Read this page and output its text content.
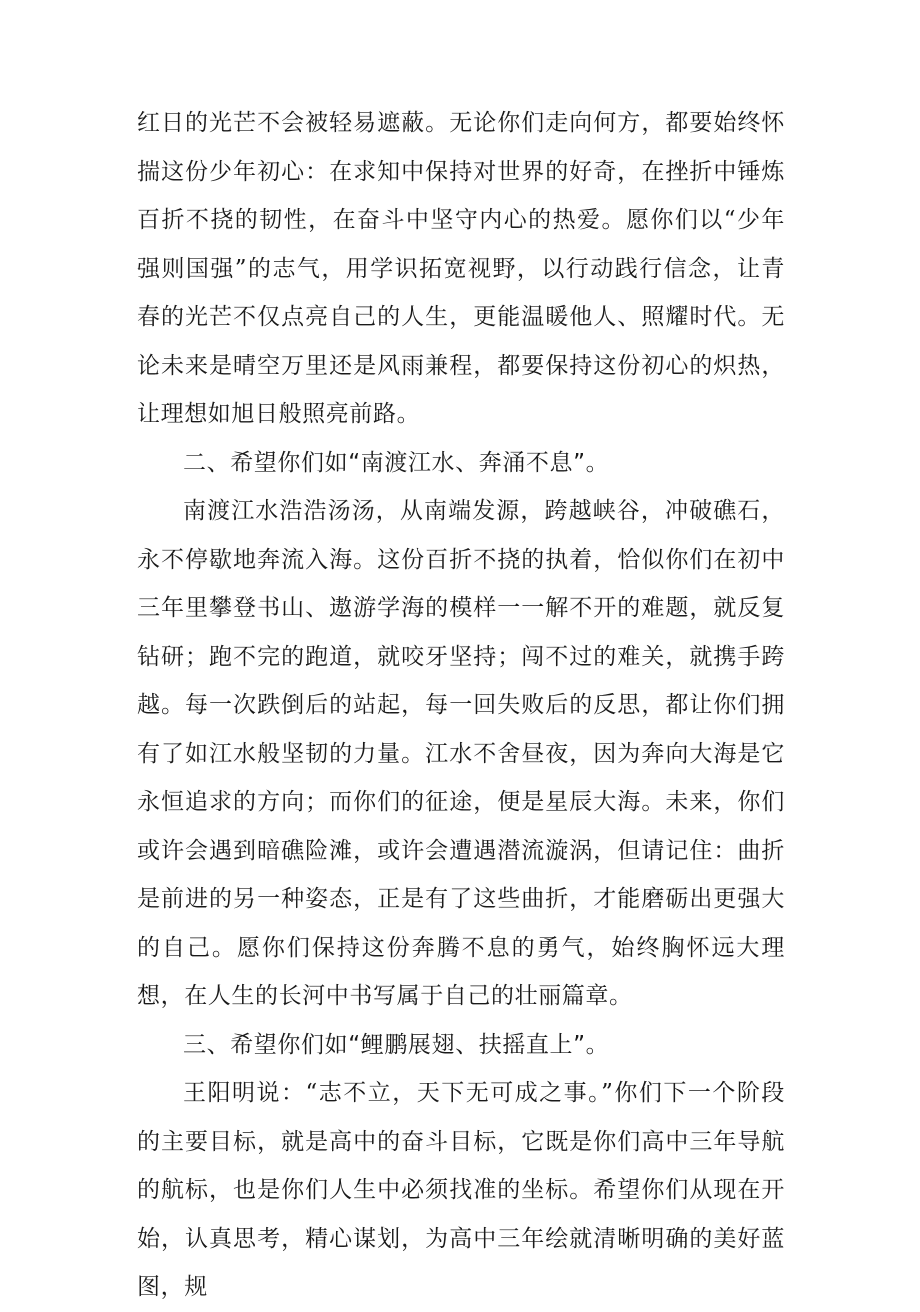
红日的光芒不会被轻易遮蔽。无论你们走向何方，都要始终怀揣这份少年初心：在求知中保持对世界的好奇，在挫折中锤炼百折不挠的韧性，在奋斗中坚守内心的热爱。愿你们以“少年强则国强”的志气，用学识拓宽视野，以行动践行信念，让青春的光芒不仅点亮自己的人生，更能温暖他人、照耀时代。无论未来是晴空万里还是风雨兼程，都要保持这份初心的炽热，让理想如旭日般照亮前路。

二、希望你们如“南渡江水、奔涌不息”。

南渡江水浩浩汤汤，从南端发源，跨越峡谷，冲破礁石，永不停歇地奔流入海。这份百折不挠的执着，恰似你们在初中三年里攀登书山、遨游学海的模样一一解不开的难题，就反复钻研；跑不完的跑道，就咬牙坚持；闯不过的难关，就携手跨越。每一次跌倒后的站起，每一回失败后的反思，都让你们拥有了如江水般坚韧的力量。江水不舍昼夜，因为奔向大海是它永恒追求的方向；而你们的征途，便是星辰大海。未来，你们或许会遇到暗礁险滩，或许会遭遇潜流漩涡，但请记住：曲折是前进的另一种姿态，正是有了这些曲折，才能磨砺出更强大的自己。愿你们保持这份奔腾不息的勇气，始终胸怀远大理想，在人生的长河中书写属于自己的壮丽篇章。

三、希望你们如“鲤鹏展翅、扶摇直上”。

王阳明说：“志不立，天下无可成之事。”你们下一个阶段的主要目标，就是高中的奋斗目标，它既是你们高中三年导航的航标，也是你们人生中必须找准的坐标。希望你们从现在开始，认真思考，精心谋划，为高中三年绘就清晰明确的美好蓝图，规
